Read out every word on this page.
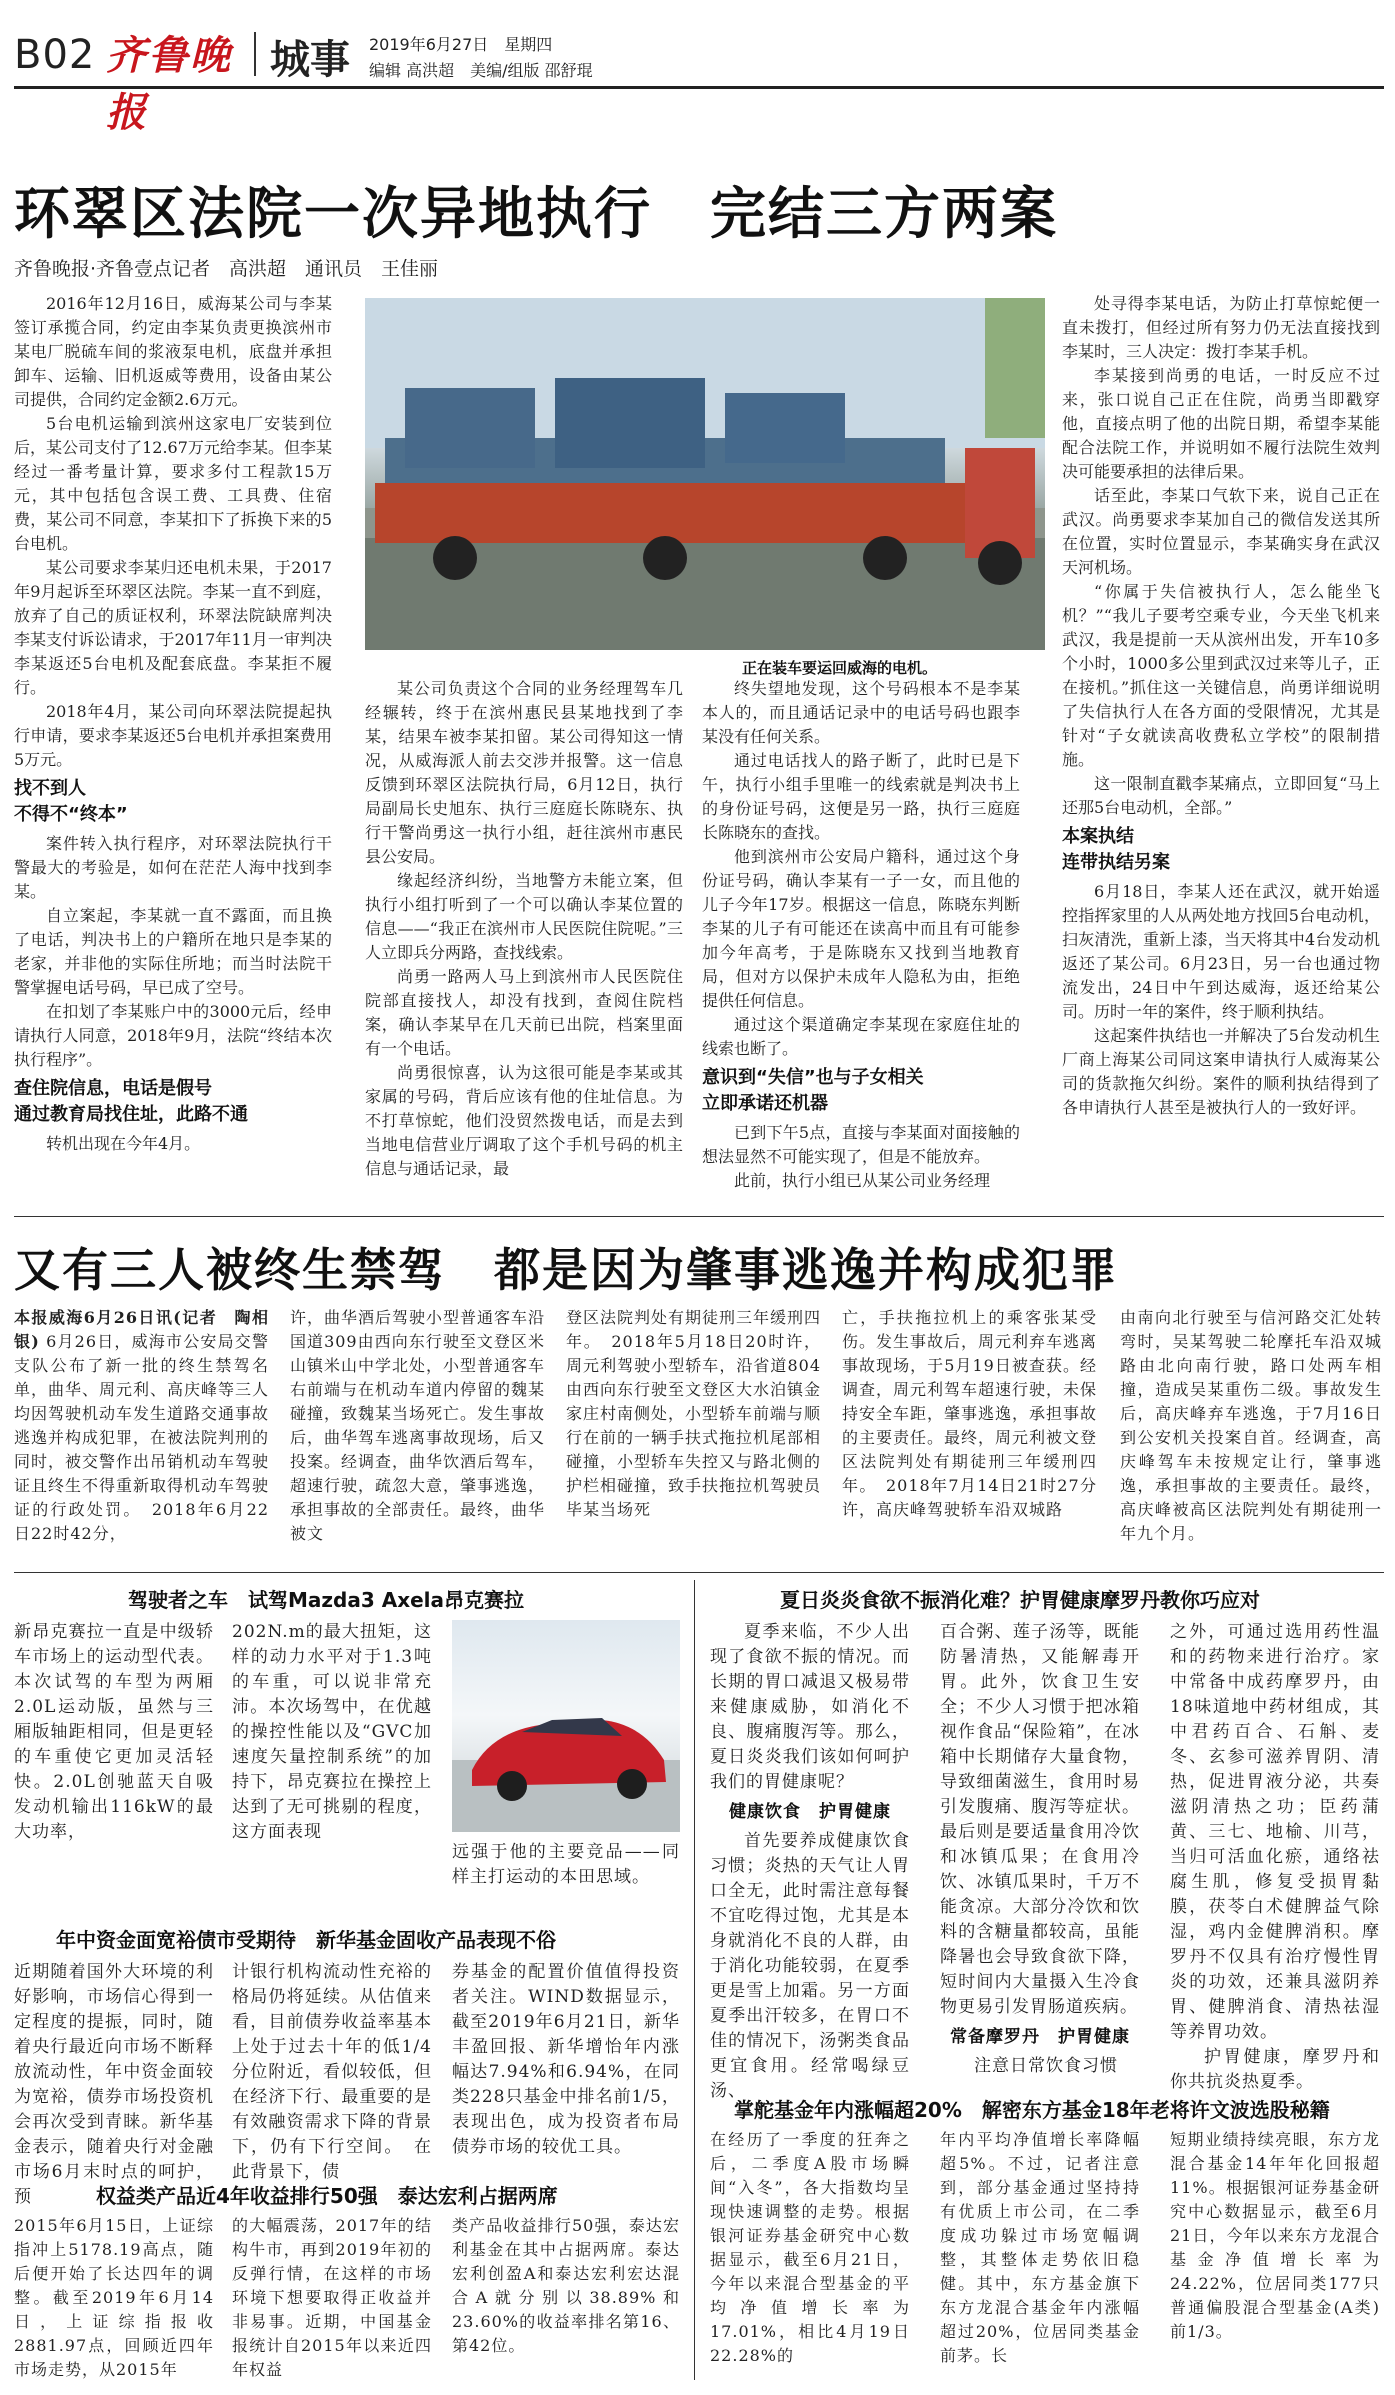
B02 齐鲁晚报
城事 2019年6月27日　星期四
编辑 高洪超　美编/组版 邵舒琨
环翠区法院一次异地执行　完结三方两案
齐鲁晚报·齐鲁壹点记者　高洪超　通讯员　王佳丽

2016年12月16日，威海某公司与李某签订承揽合同，约定由李某负责更换滨州市某电厂脱硫车间的浆液泵电机，底盘并承担卸车、运输、旧机返威等费用，设备由某公司提供，合同约定金额2.6万元。

5台电机运输到滨州这家电厂安装到位后，某公司支付了12.67万元给李某。但李某经过一番考量计算，要求多付工程款15万元，其中包括包含误工费、工具费、住宿费，某公司不同意，李某扣下了拆换下来的5台电机。

某公司要求李某归还电机未果，于2017年9月起诉至环翠区法院。李某一直不到庭，放弃了自己的质证权利，环翠法院缺席判决李某支付诉讼请求，于2017年11月一审判决李某返还5台电机及配套底盘。李某拒不履行。

2018年4月，某公司向环翠法院提起执行申请，要求李某返还5台电机并承担案费用5万元。

找不到人
不得不“终本”

案件转入执行程序，对环翠法院执行干警最大的考验是，如何在茫茫人海中找到李某。

自立案起，李某就一直不露面，而且换了电话，判决书上的户籍所在地只是李某的老家，并非他的实际住所地；而当时法院干警掌握电话号码，早已成了空号。

在扣划了李某账户中的3000元后，经申请执行人同意，2018年9月，法院“终结本次执行程序”。

查住院信息，电话是假号
通过教育局找住址，此路不通

转机出现在今年4月。

正在装车要运回威海的电机。

某公司负责这个合同的业务经理驾车几经辗转，终于在滨州惠民县某地找到了李某，结果车被李某扣留。某公司得知这一情况，从威海派人前去交涉并报警。这一信息反馈到环翠区法院执行局，6月12日，执行局副局长史旭东、执行三庭庭长陈晓东、执行干警尚勇这一执行小组，赶往滨州市惠民县公安局。

缘起经济纠纷，当地警方未能立案，但执行小组打听到了一个可以确认李某位置的信息——“我正在滨州市人民医院住院呢。”三人立即兵分两路，查找线索。

尚勇一路两人马上到滨州市人民医院住院部直接找人，却没有找到，查阅住院档案，确认李某早在几天前已出院，档案里面有一个电话。

尚勇很惊喜，认为这很可能是李某或其家属的号码，背后应该有他的住址信息。为不打草惊蛇，他们没贸然拨电话，而是去到当地电信营业厅调取了这个手机号码的机主信息与通话记录，最

终失望地发现，这个号码根本不是李某本人的，而且通话记录中的电话号码也跟李某没有任何关系。

通过电话找人的路子断了，此时已是下午，执行小组手里唯一的线索就是判决书上的身份证号码，这便是另一路，执行三庭庭长陈晓东的查找。

他到滨州市公安局户籍科，通过这个身份证号码，确认李某有一子一女，而且他的儿子今年17岁。根据这一信息，陈晓东判断李某的儿子有可能还在读高中而且有可能参加今年高考，于是陈晓东又找到当地教育局，但对方以保护未成年人隐私为由，拒绝提供任何信息。

通过这个渠道确定李某现在家庭住址的线索也断了。

意识到“失信”也与子女相关
立即承诺还机器

已到下午5点，直接与李某面对面接触的想法显然不可能实现了，但是不能放弃。

此前，执行小组已从某公司业务经理

处寻得李某电话，为防止打草惊蛇便一直未拨打，但经过所有努力仍无法直接找到李某时，三人决定：拨打李某手机。

李某接到尚勇的电话，一时反应不过来，张口说自己正在住院，尚勇当即戳穿他，直接点明了他的出院日期，希望李某能配合法院工作，并说明如不履行法院生效判决可能要承担的法律后果。

话至此，李某口气软下来，说自己正在武汉。尚勇要求李某加自己的微信发送其所在位置，实时位置显示，李某确实身在武汉天河机场。

“你属于失信被执行人，怎么能坐飞机？”“我儿子要考空乘专业，今天坐飞机来武汉，我是提前一天从滨州出发，开车10多个小时，1000多公里到武汉过来等儿子，正在接机。”抓住这一关键信息，尚勇详细说明了失信执行人在各方面的受限情况，尤其是针对“子女就读高收费私立学校”的限制措施。

这一限制直戳李某痛点，立即回复“马上还那5台电动机，全部。”

本案执结
连带执结另案

6月18日，李某人还在武汉，就开始遥控指挥家里的人从两处地方找回5台电动机，扫灰清洗，重新上漆，当天将其中4台发动机返还了某公司。6月23日，另一台也通过物流发出，24日中午到达威海，返还给某公司。历时一年的案件，终于顺利执结。

这起案件执结也一并解决了5台发动机生厂商上海某公司同这案申请执行人威海某公司的货款拖欠纠纷。案件的顺利执结得到了各申请执行人甚至是被执行人的一致好评。

又有三人被终生禁驾　都是因为肇事逃逸并构成犯罪
本报威海6月26日讯(记者　陶相银) 6月26日，威海市公安局交警支队公布了新一批的终生禁驾名单，曲华、周元利、高庆峰等三人均因驾驶机动车发生道路交通事故逃逸并构成犯罪，在被法院判刑的同时，被交警作出吊销机动车驾驶证且终生不得重新取得机动车驾驶证的行政处罚。　2018年6月22日22时42分，
许，曲华酒后驾驶小型普通客车沿国道309由西向东行驶至文登区米山镇米山中学北处，小型普通客车右前端与在机动车道内停留的魏某碰撞，致魏某当场死亡。发生事故后，曲华驾车逃离事故现场，后又投案。经调查，曲华饮酒后驾车，超速行驶，疏忽大意，肇事逃逸，承担事故的全部责任。最终，曲华被文
登区法院判处有期徒刑三年缓刑四年。　2018年5月18日20时许，周元利驾驶小型轿车，沿省道804由西向东行驶至文登区大水泊镇金家庄村南侧处，小型轿车前端与顺行在前的一辆手扶式拖拉机尾部相碰撞，小型轿车失控又与路北侧的护栏相碰撞，致手扶拖拉机驾驶员毕某当场死
亡，手扶拖拉机上的乘客张某受伤。发生事故后，周元利弃车逃离事故现场，于5月19日被查获。经调查，周元利驾车超速行驶，未保持安全车距，肇事逃逸，承担事故的主要责任。最终，周元利被文登区法院判处有期徒刑三年缓刑四年。　2018年7月14日21时27分许，高庆峰驾驶轿车沿双城路
由南向北行驶至与信河路交汇处转弯时，吴某驾驶二轮摩托车沿双城路由北向南行驶，路口处两车相撞，造成吴某重伤二级。事故发生后，高庆峰弃车逃逸，于7月16日到公安机关投案自首。经调查，高庆峰驾车未按规定让行，肇事逃逸，承担事故的主要责任。最终，高庆峰被高区法院判处有期徒刑一年九个月。
驾驶者之车　试驾Mazda3 Axela昂克赛拉
新昂克赛拉一直是中级轿车市场上的运动型代表。本次试驾的车型为两厢2.0L运动版，虽然与三厢版轴距相同，但是更轻的车重使它更加灵活轻快。2.0L创驰蓝天自吸发动机输出116kW的最大功率，
202N.m的最大扭矩，这样的动力水平对于1.3吨的车重，可以说非常充沛。本次场驾中，在优越的操控性能以及“GVC加速度矢量控制系统”的加持下，昂克赛拉在操控上达到了无可挑剔的程度，这方面表现
远强于他的主要竞品——同样主打运动的本田思域。
年中资金面宽裕债市受期待　新华基金固收产品表现不俗
近期随着国外大环境的利好影响，市场信心得到一定程度的提振，同时，随着央行最近向市场不断释放流动性，年中资金面较为宽裕，债券市场投资机会再次受到青睐。新华基金表示，随着央行对金融市场6月末时点的呵护，预
计银行机构流动性充裕的格局仍将延续。从估值来看，目前债券收益率基本上处于过去十年的低1/4分位附近，看似较低，但在经济下行、最重要的是有效融资需求下降的背景下，仍有下行空间。　在此背景下，债
券基金的配置价值值得投资者关注。WIND数据显示，截至2019年6月21日，新华丰盈回报、新华增怡年内涨幅达7.94%和6.94%，在同类228只基金中排名前1/5，表现出色，成为投资者布局债券市场的较优工具。
权益类产品近4年收益排行50强　泰达宏利占据两席
2015年6月15日，上证综指冲上5178.19高点，随后便开始了长达四年的调整。截至2019年6月14日，上证综指报收2881.97点，回顾近四年市场走势，从2015年
的大幅震荡，2017年的结构牛市，再到2019年初的反弹行情，在这样的市场环境下想要取得正收益并非易事。近期，中国基金报统计自2015年以来近四年权益
类产品收益排行50强，泰达宏利基金在其中占据两席。泰达宏利创盈A和泰达宏利宏达混合A就分别以38.89%和23.60%的收益率排名第16、第42位。
夏日炎炎食欲不振消化难？护胃健康摩罗丹教你巧应对

夏季来临，不少人出现了食欲不振的情况。而长期的胃口减退又极易带来健康威胁，如消化不良、腹痛腹泻等。那么，夏日炎炎我们该如何呵护我们的胃健康呢？

健康饮食　护胃健康

首先要养成健康饮食习惯；炎热的天气让人胃口全无，此时需注意每餐不宜吃得过饱，尤其是本身就消化不良的人群，由于消化功能较弱，在夏季更是雪上加霜。另一方面夏季出汗较多，在胃口不佳的情况下，汤粥类食品更宜食用。经常喝绿豆汤、

百合粥、莲子汤等，既能防暑清热，又能解毒开胃。此外，饮食卫生安全；不少人习惯于把冰箱视作食品“保险箱”，在冰箱中长期储存大量食物，导致细菌滋生，食用时易引发腹痛、腹泻等症状。最后则是要适量食用冷饮和冰镇瓜果；在食用冷饮、冰镇瓜果时，千万不能贪凉。大部分冷饮和饮料的含糖量都较高，虽能降暑也会导致食欲下降，短时间内大量摄入生冷食物更易引发胃肠道疾病。
常备摩罗丹　护胃健康

注意日常饮食习惯

之外，可通过选用药性温和的药物来进行治疗。家中常备中成药摩罗丹，由18味道地中药材组成，其中君药百合、石斛、麦冬、玄参可滋养胃阴、清热，促进胃液分泌，共奏滋阴清热之功；臣药蒲黄、三七、地榆、川芎，当归可活血化瘀，通络祛腐生肌，修复受损胃黏膜，茯苓白术健脾益气除湿，鸡内金健脾消积。摩罗丹不仅具有治疗慢性胃炎的功效，还兼具滋阴养胃、健脾消食、清热祛湿等养胃功效。

护胃健康，摩罗丹和你共抗炎热夏季。

掌舵基金年内涨幅超20%　解密东方基金18年老将许文波选股秘籍
在经历了一季度的狂奔之后，二季度A股市场瞬间“入冬”，各大指数均呈现快速调整的走势。根据银河证券基金研究中心数据显示，截至6月21日，今年以来混合型基金的平均净值增长率为17.01%，相比4月19日22.28%的
年内平均净值增长率降幅超5%。不过，记者注意到，部分基金通过坚持持有优质上市公司，在二季度成功躲过市场宽幅调整，其整体走势依旧稳健。其中，东方基金旗下东方龙混合基金年内涨幅超过20%，位居同类基金前茅。长
短期业绩持续亮眼，东方龙混合基金14年年化回报超11%。根据银河证券基金研究中心数据显示，截至6月21日，今年以来东方龙混合基金净值增长率为24.22%，位居同类177只普通偏股混合型基金(A类)前1/3。
